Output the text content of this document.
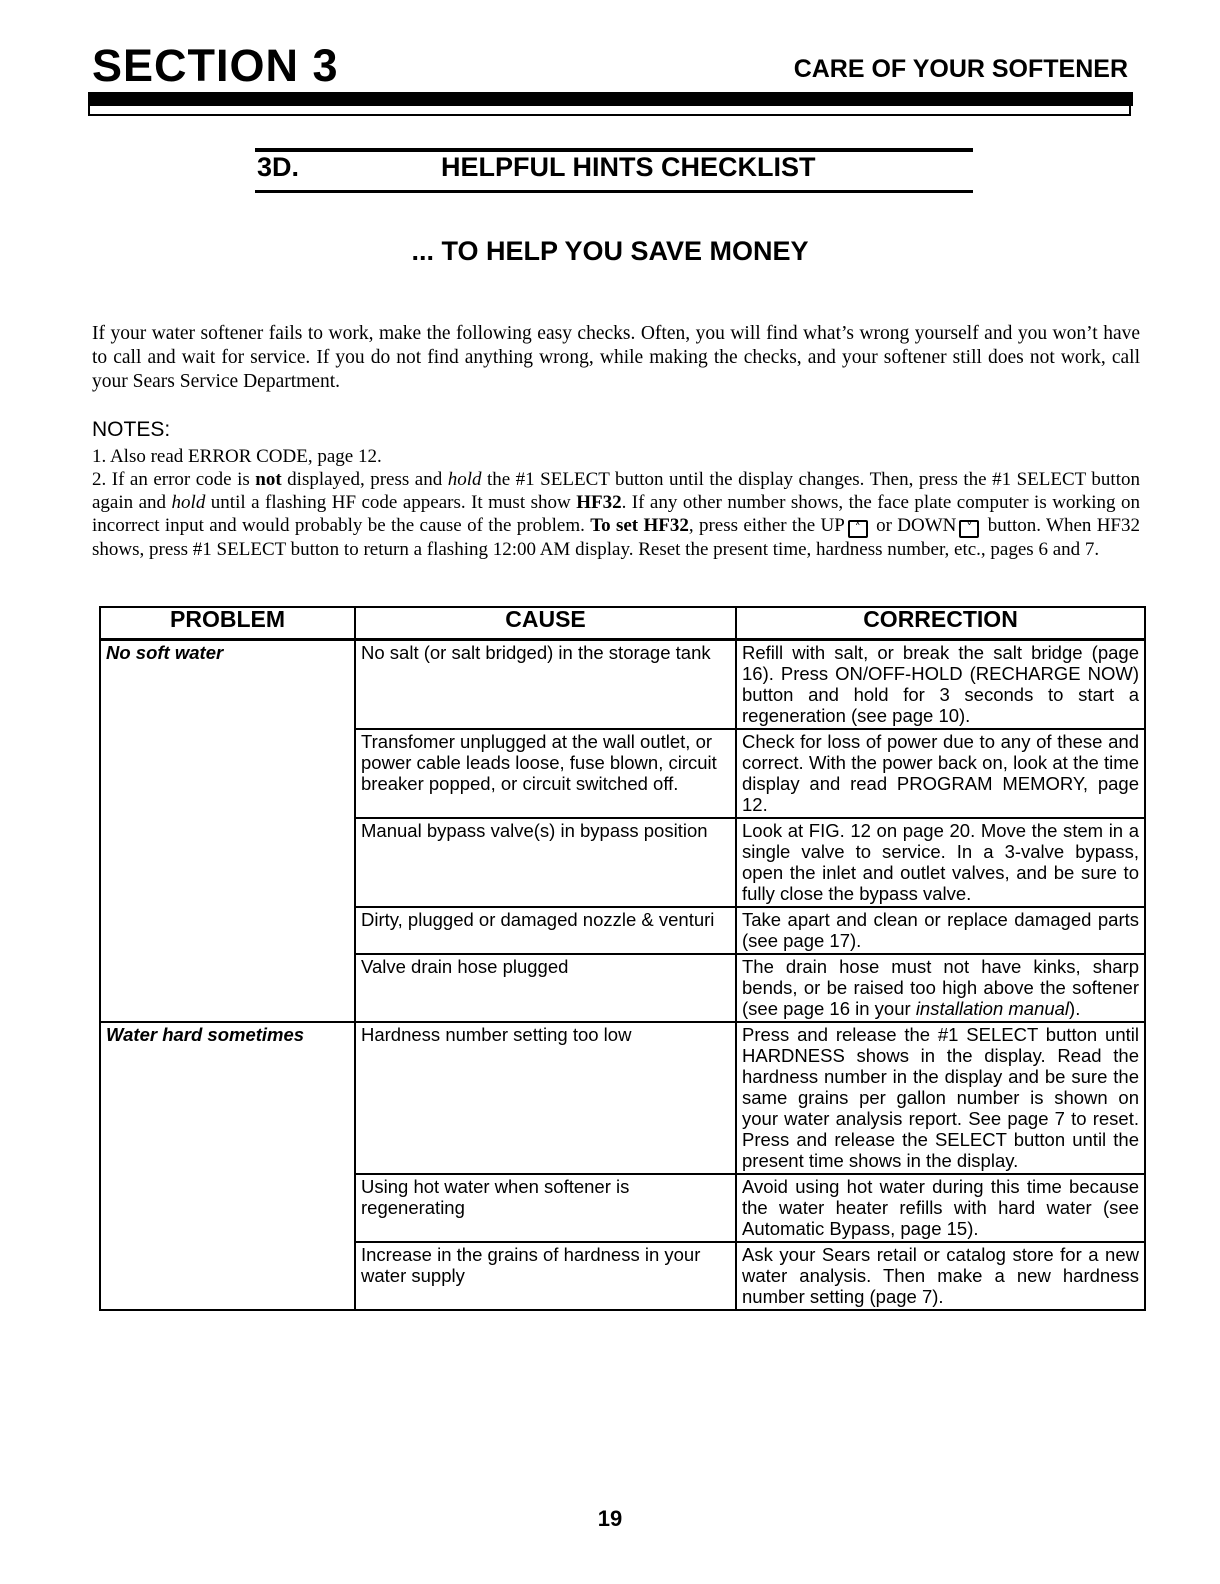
SECTION 3	CARE OF YOUR SOFTENER
3D.	HELPFUL HINTS CHECKLIST
... TO HELP YOU SAVE MONEY
If your water softener fails to work, make the following easy checks. Often, you will find what’s wrong yourself and you won’t have to call and wait for service. If you do not find anything wrong, while making the checks, and your softener still does not work, call your Sears Service Department.
NOTES:

1. Also read ERROR CODE, page 12.

2. If an error code is not displayed, press and hold the #1 SELECT button until the display changes. Then, press the #1 SELECT button again and hold until a flashing HF code appears. It must show HF32. If any other number shows, the face plate computer is working on incorrect input and would probably be the cause of the problem. To set HF32, press either the UP ˄ or DOWN ˅ button. When HF32 shows, press #1 SELECT button to return a flashing 12:00 AM display. Reset the present time, hardness number, etc., pages 6 and 7.

PROBLEM	CAUSE	CORRECTION
No soft water	No salt (or salt bridged) in the storage tank	Refill with salt, or break the salt bridge (page 16). Press ON/OFF-HOLD (RECHARGE NOW) button and hold for 3 seconds to start a regeneration (see page 10).
	Transfomer unplugged at the wall outlet, or power cable leads loose, fuse blown, circuit breaker popped, or circuit switched off.	Check for loss of power due to any of these and correct. With the power back on, look at the time display and read PROGRAM MEMORY, page 12.
	Manual bypass valve(s) in bypass position	Look at FIG. 12 on page 20. Move the stem in a single valve to service. In a 3-valve bypass, open the inlet and outlet valves, and be sure to fully close the bypass valve.
	Dirty, plugged or damaged nozzle & venturi	Take apart and clean or replace damaged parts (see page 17).
	Valve drain hose plugged	The drain hose must not have kinks, sharp bends, or be raised too high above the softener (see page 16 in your installation manual).
Water hard sometimes	Hardness number setting too low	Press and release the #1 SELECT button until HARDNESS shows in the display. Read the hardness number in the display and be sure the same grains per gallon number is shown on your water analysis report. See page 7 to reset. Press and release the SELECT button until the present time shows in the display.
	Using hot water when softener is regenerating	Avoid using hot water during this time because the water heater refills with hard water (see Automatic Bypass, page 15).
	Increase in the grains of hardness in your water supply	Ask your Sears retail or catalog store for a new water analysis. Then make a new hardness number setting (page 7).
19
